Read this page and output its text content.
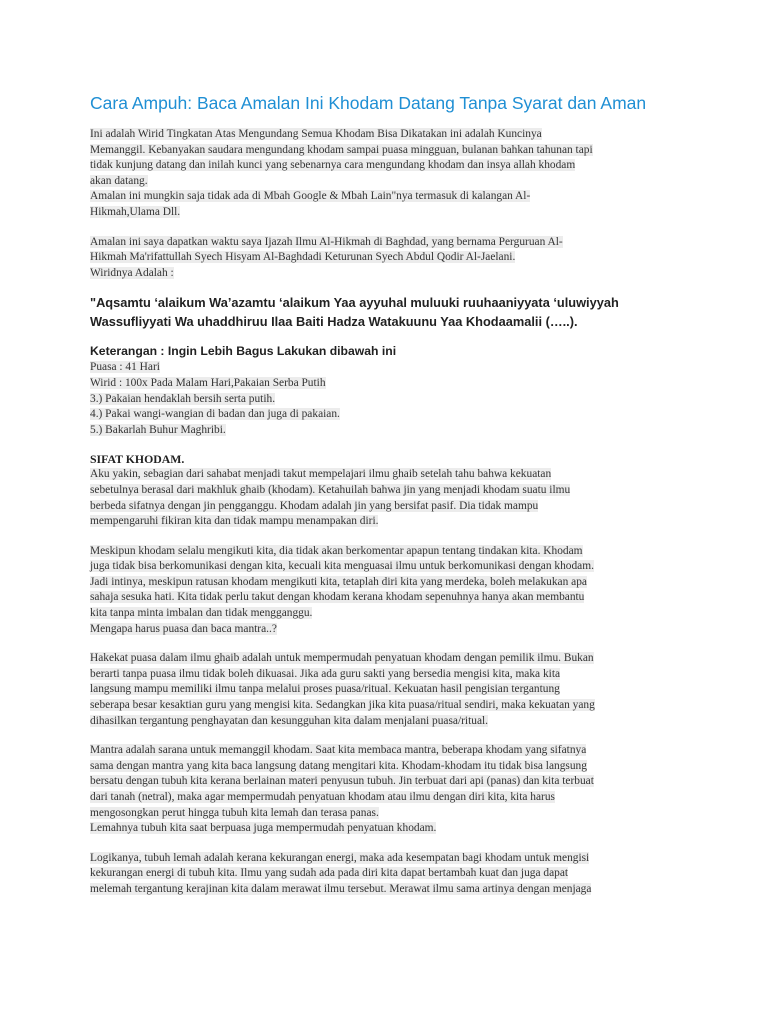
Cara Ampuh: Baca Amalan Ini Khodam Datang Tanpa Syarat dan Aman
Ini adalah Wirid Tingkatan Atas Mengundang Semua Khodam Bisa Dikatakan ini adalah Kuncinya
Memanggil. Kebanyakan saudara mengundang khodam sampai puasa mingguan, bulanan bahkan tahunan tapi
tidak kunjung datang dan inilah kunci yang sebenarnya cara mengundang khodam dan insya allah khodam
akan datang.
Amalan ini mungkin saja tidak ada di Mbah Google & Mbah Lain"nya termasuk di kalangan Al-
Hikmah,Ulama Dll.
Amalan ini saya dapatkan waktu saya Ijazah Ilmu Al-Hikmah di Baghdad, yang bernama Perguruan Al-
Hikmah Ma'rifattullah Syech Hisyam Al-Baghdadi Keturunan Syech Abdul Qodir Al-Jaelani.
Wiridnya Adalah :
"Aqsamtu ‘alaikum Wa’azamtu ‘alaikum Yaa ayyuhal muluuki ruuhaaniyyata ‘uluwiyyah
Wassufliyyati Wa uhaddhiruu Ilaa Baiti Hadza Watakuunu Yaa Khodaamalii (…..).
Keterangan : Ingin Lebih Bagus Lakukan dibawah ini
Puasa : 41 Hari
Wirid : 100x Pada Malam Hari,Pakaian Serba Putih
3.) Pakaian hendaklah bersih serta putih.
4.) Pakai wangi-wangian di badan dan juga di pakaian.
5.) Bakarlah Buhur Maghribi.
SIFAT KHODAM.
Aku yakin, sebagian dari sahabat menjadi takut mempelajari ilmu ghaib setelah tahu bahwa kekuatan
sebetulnya berasal dari makhluk ghaib (khodam). Ketahuilah bahwa jin yang menjadi khodam suatu ilmu
berbeda sifatnya dengan jin pengganggu. Khodam adalah jin yang bersifat pasif. Dia tidak mampu
mempengaruhi fikiran kita dan tidak mampu menampakan diri.
Meskipun khodam selalu mengikuti kita, dia tidak akan berkomentar apapun tentang tindakan kita. Khodam
juga tidak bisa berkomunikasi dengan kita, kecuali kita menguasai ilmu untuk berkomunikasi dengan khodam.
Jadi intinya, meskipun ratusan khodam mengikuti kita, tetaplah diri kita yang merdeka, boleh melakukan apa
sahaja sesuka hati. Kita tidak perlu takut dengan khodam kerana khodam sepenuhnya hanya akan membantu
kita tanpa minta imbalan dan tidak mengganggu.
Mengapa harus puasa dan baca mantra..?
Hakekat puasa dalam ilmu ghaib adalah untuk mempermudah penyatuan khodam dengan pemilik ilmu. Bukan
berarti tanpa puasa ilmu tidak boleh dikuasai. Jika ada guru sakti yang bersedia mengisi kita, maka kita
langsung mampu memiliki ilmu tanpa melalui proses puasa/ritual. Kekuatan hasil pengisian tergantung
seberapa besar kesaktian guru yang mengisi kita. Sedangkan jika kita puasa/ritual sendiri, maka kekuatan yang
dihasilkan tergantung penghayatan dan kesungguhan kita dalam menjalani puasa/ritual.
Mantra adalah sarana untuk memanggil khodam. Saat kita membaca mantra, beberapa khodam yang sifatnya
sama dengan mantra yang kita baca langsung datang mengitari kita. Khodam-khodam itu tidak bisa langsung
bersatu dengan tubuh kita kerana berlainan materi penyusun tubuh. Jin terbuat dari api (panas) dan kita terbuat
dari tanah (netral), maka agar mempermudah penyatuan khodam atau ilmu dengan diri kita, kita harus
mengosongkan perut hingga tubuh kita lemah dan terasa panas.
Lemahnya tubuh kita saat berpuasa juga mempermudah penyatuan khodam.
Logikanya, tubuh lemah adalah kerana kekurangan energi, maka ada kesempatan bagi khodam untuk mengisi
kekurangan energi di tubuh kita. Ilmu yang sudah ada pada diri kita dapat bertambah kuat dan juga dapat
melemah tergantung kerajinan kita dalam merawat ilmu tersebut. Merawat ilmu sama artinya dengan menjaga
